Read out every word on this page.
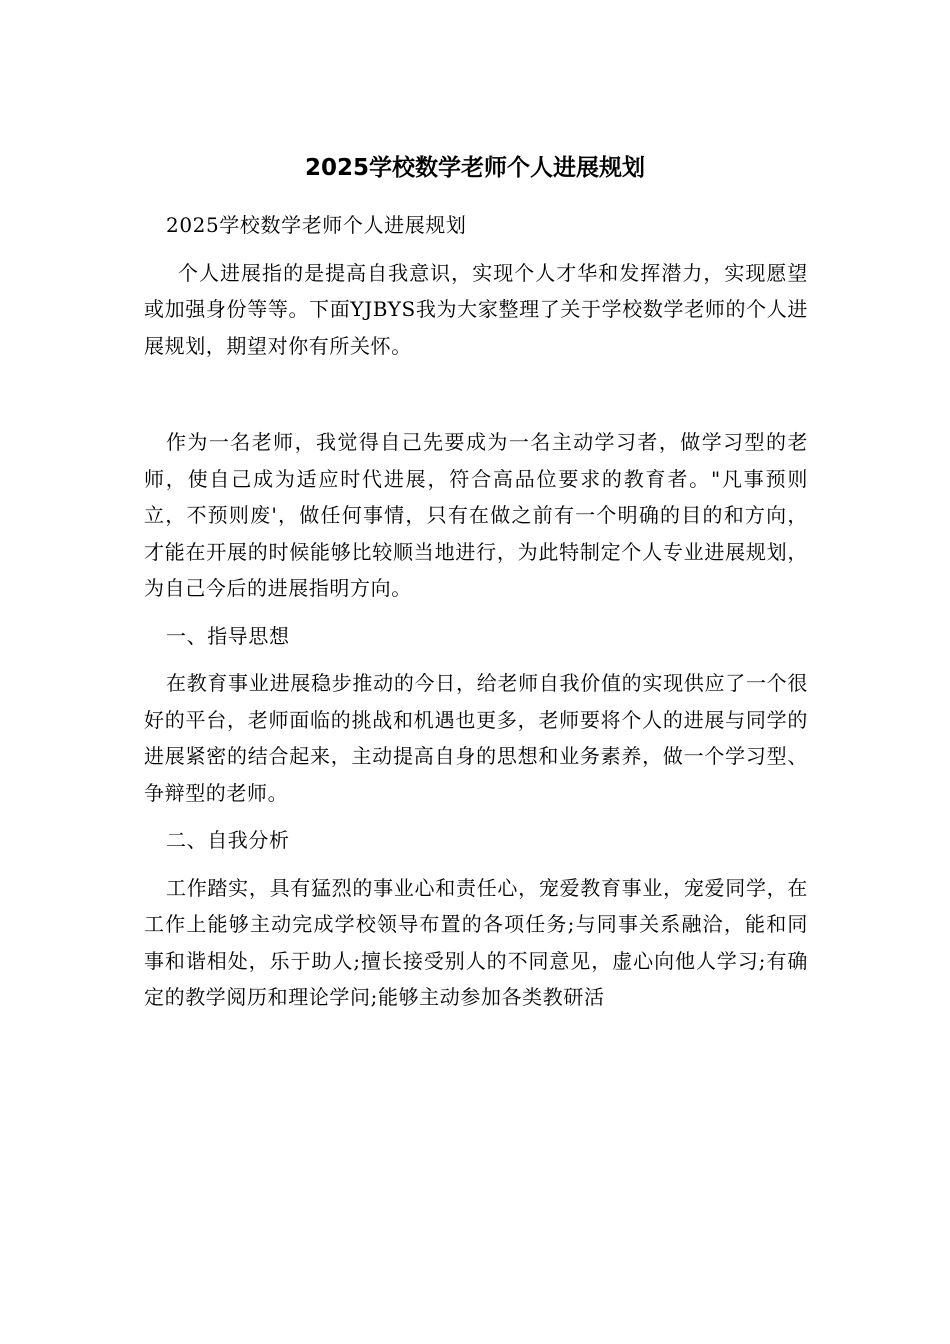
2025学校数学老师个人进展规划

2025学校数学老师个人进展规划

个人进展指的是提高自我意识，实现个人才华和发挥潜力，实现愿望或加强身份等等。下面YJBYS我为大家整理了关于学校数学老师的个人进展规划，期望对你有所关怀。

作为一名老师，我觉得自己先要成为一名主动学习者，做学习型的老师，使自己成为适应时代进展，符合高品位要求的教育者。"凡事预则立，不预则废'，做任何事情，只有在做之前有一个明确的目的和方向，才能在开展的时候能够比较顺当地进行，为此特制定个人专业进展规划，为自己今后的进展指明方向。

一、指导思想

在教育事业进展稳步推动的今日，给老师自我价值的实现供应了一个很好的平台，老师面临的挑战和机遇也更多，老师要将个人的进展与同学的进展紧密的结合起来，主动提高自身的思想和业务素养，做一个学习型、争辩型的老师。

二、自我分析

工作踏实，具有猛烈的事业心和责任心，宠爱教育事业，宠爱同学，在工作上能够主动完成学校领导布置的各项任务;与同事关系融洽，能和同事和谐相处，乐于助人;擅长接受别人的不同意见，虚心向他人学习;有确定的教学阅历和理论学问;能够主动参加各类教研活
